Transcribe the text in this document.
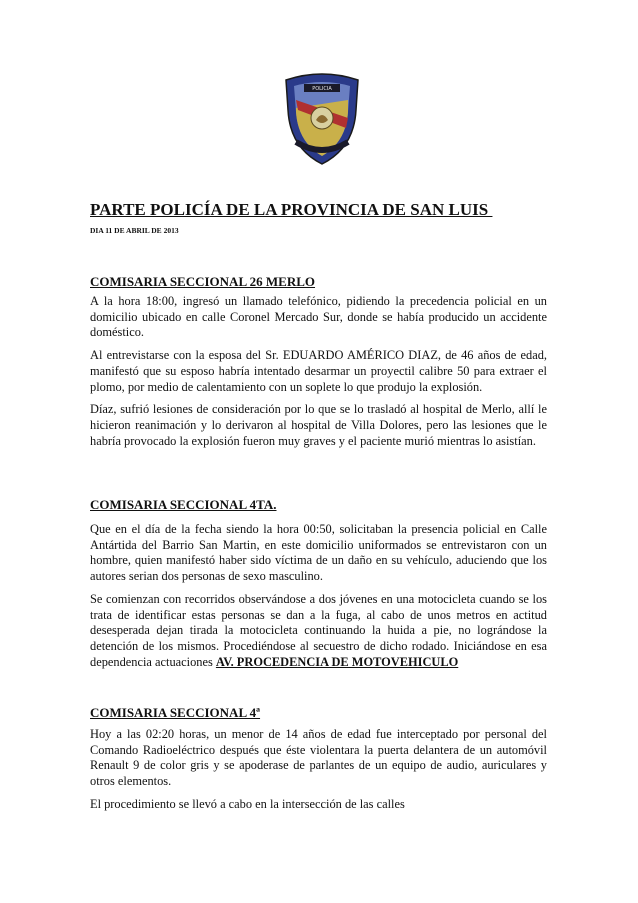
POLICIA
PARTE POLICÍA DE LA PROVINCIA DE SAN LUIS
DIA 11 DE ABRIL DE 2013
COMISARIA SECCIONAL 26 MERLO

A la hora 18:00, ingresó un llamado telefónico, pidiendo la precedencia policial en un domicilio ubicado en calle Coronel Mercado Sur, donde se había producido un accidente doméstico.

Al entrevistarse con la esposa del Sr. EDUARDO AMÉRICO DIAZ, de 46 años de edad, manifestó que su esposo habría intentado desarmar un proyectil calibre 50 para extraer el plomo, por medio de calentamiento con un soplete lo que produjo la explosión.

Díaz, sufrió lesiones de consideración por lo que se lo trasladó al hospital de Merlo, allí le hicieron reanimación y lo derivaron al hospital de Villa Dolores, pero las lesiones que le habría provocado la explosión fueron muy graves y el paciente murió mientras lo asistían.

COMISARIA SECCIONAL 4TA.

Que en el día de la fecha siendo la hora 00:50, solicitaban la presencia policial en Calle Antártida del Barrio San Martin, en este domicilio uniformados se entrevistaron con un hombre, quien manifestó haber sido víctima de un daño en su vehículo, aduciendo que los autores serian dos personas de sexo masculino.

Se comienzan con recorridos observándose a dos jóvenes en una motocicleta cuando se los trata de identificar estas personas se dan a la fuga, al cabo de unos metros en actitud desesperada dejan tirada la motocicleta continuando la huida a pie, no lográndose la detención de los mismos. Procediéndose al secuestro de dicho rodado. Iniciándose en esa dependencia actuaciones AV. PROCEDENCIA DE MOTOVEHICULO

COMISARIA SECCIONAL 4ª

Hoy a las 02:20 horas, un menor de 14 años de edad fue interceptado por personal del Comando Radioeléctrico después que éste violentara la puerta delantera de un automóvil Renault 9 de color gris y se apoderase de parlantes de un equipo de audio, auriculares y otros elementos.

El procedimiento se llevó a cabo en la intersección de las calles
